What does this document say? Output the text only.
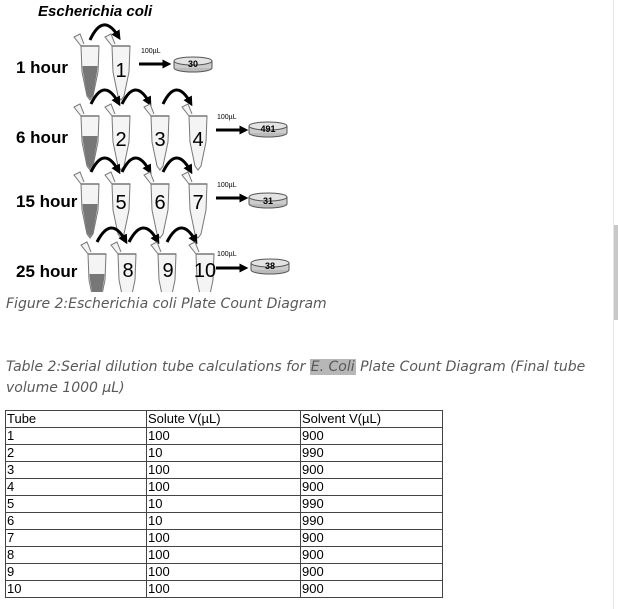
Escherichia coli
1 hour 1
100µL
30
6 hour 2 3 4
100µL
491
15 hour 5 6 7
100µL
31
25 hour 8 9 10
100µL
38
Figure 2:Escherichia coli Plate Count Diagram
Table 2:Serial dilution tube calculations for E. Coli Plate Count Diagram (Final tube volume 1000 µL)
Tube	Solute V(µL)	Solvent V(µL)
1	100	900
2	10	990
3	100	900
4	100	900
5	10	990
6	10	990
7	100	900
8	100	900
9	100	900
10	100	900
